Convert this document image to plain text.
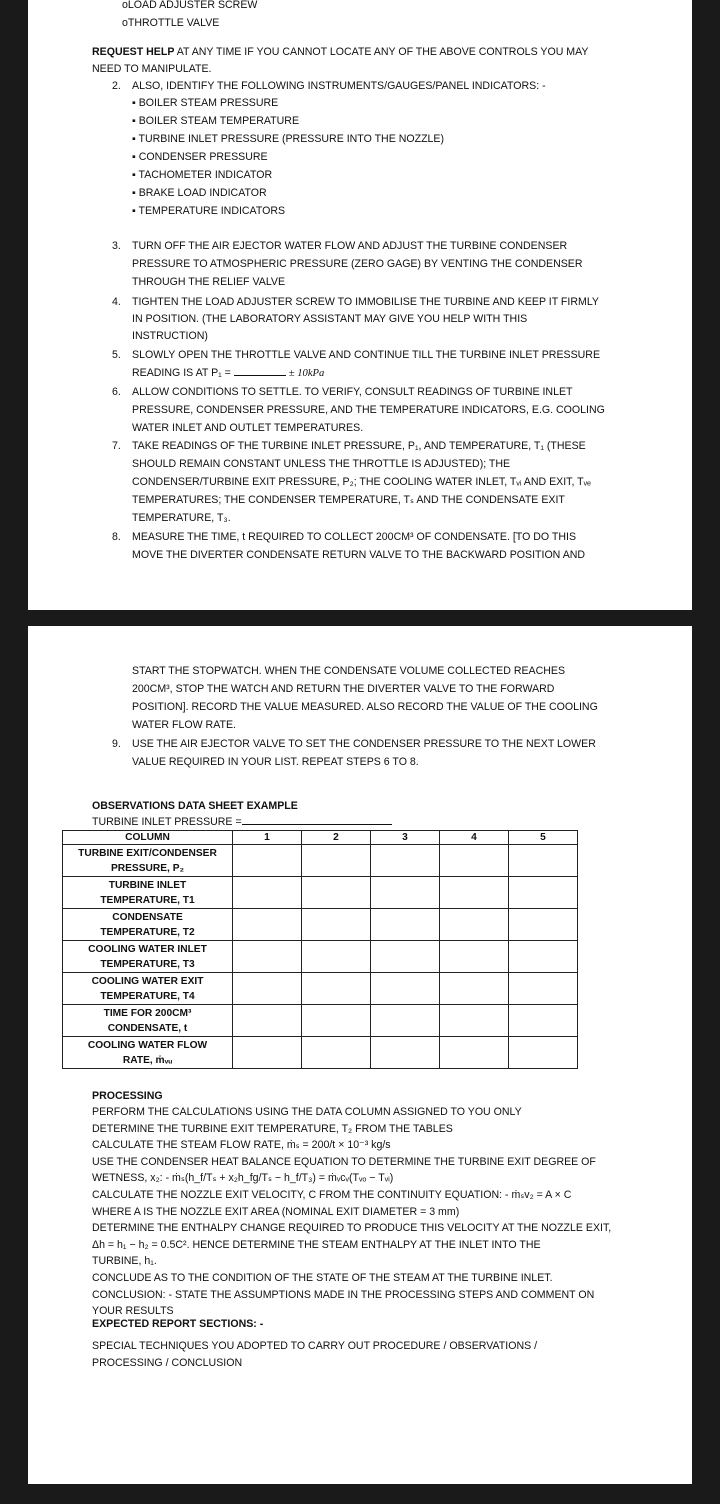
oLOAD ADJUSTER SCREW
oTHROTTLE VALVE
REQUEST HELP AT ANY TIME IF YOU CANNOT LOCATE ANY OF THE ABOVE CONTROLS YOU MAY
NEED TO MANIPULATE.
2. ALSO, IDENTIFY THE FOLLOWING INSTRUMENTS/GAUGES/PANEL INDICATORS: -
▪ BOILER STEAM PRESSURE
▪ BOILER STEAM TEMPERATURE
▪ TURBINE INLET PRESSURE (PRESSURE INTO THE NOZZLE)
▪ CONDENSER PRESSURE
▪ TACHOMETER INDICATOR
▪ BRAKE LOAD INDICATOR
▪ TEMPERATURE INDICATORS
3. TURN OFF THE AIR EJECTOR WATER FLOW AND ADJUST THE TURBINE CONDENSER
PRESSURE TO ATMOSPHERIC PRESSURE (ZERO GAGE) BY VENTING THE CONDENSER
THROUGH THE RELIEF VALVE
4. TIGHTEN THE LOAD ADJUSTER SCREW TO IMMOBILISE THE TURBINE AND KEEP IT FIRMLY
IN POSITION. (THE LABORATORY ASSISTANT MAY GIVE YOU HELP WITH THIS
INSTRUCTION)
5. SLOWLY OPEN THE THROTTLE VALVE AND CONTINUE TILL THE TURBINE INLET PRESSURE
READING IS AT P₁ =	± 10kPa
6. ALLOW CONDITIONS TO SETTLE. TO VERIFY, CONSULT READINGS OF TURBINE INLET
PRESSURE, CONDENSER PRESSURE, AND THE TEMPERATURE INDICATORS, E.G. COOLING
WATER INLET AND OUTLET TEMPERATURES.
7. TAKE READINGS OF THE TURBINE INLET PRESSURE, P₁, AND TEMPERATURE, T₁ (THESE
SHOULD REMAIN CONSTANT UNLESS THE THROTTLE IS ADJUSTED); THE
CONDENSER/TURBINE EXIT PRESSURE, P₂; THE COOLING WATER INLET, Tᵥᵢ AND EXIT, Tᵥₑ
TEMPERATURES; THE CONDENSER TEMPERATURE, Tₛ AND THE CONDENSATE EXIT
TEMPERATURE, T₃.
8. MEASURE THE TIME, t REQUIRED TO COLLECT 200CM³ OF CONDENSATE. [TO DO THIS
MOVE THE DIVERTER CONDENSATE RETURN VALVE TO THE BACKWARD POSITION AND
START THE STOPWATCH. WHEN THE CONDENSATE VOLUME COLLECTED REACHES
200CM³, STOP THE WATCH AND RETURN THE DIVERTER VALVE TO THE FORWARD
POSITION]. RECORD THE VALUE MEASURED. ALSO RECORD THE VALUE OF THE COOLING
WATER FLOW RATE.
9. USE THE AIR EJECTOR VALVE TO SET THE CONDENSER PRESSURE TO THE NEXT LOWER
VALUE REQUIRED IN YOUR LIST. REPEAT STEPS 6 TO 8.
OBSERVATIONS DATA SHEET EXAMPLE
TURBINE INLET PRESSURE =
COLUMN	1	2	3	4	5

TURBINE EXIT/CONDENSER
PRESSURE, P₂					

TURBINE INLET
TEMPERATURE, T1					

CONDENSATE
TEMPERATURE, T2					

COOLING WATER INLET
TEMPERATURE, T3					

COOLING WATER EXIT
TEMPERATURE, T4					

TIME FOR 200CM³
CONDENSATE, t					

COOLING WATER FLOW
RATE, ṁᵥᵤ					

PROCESSING
PERFORM THE CALCULATIONS USING THE DATA COLUMN ASSIGNED TO YOU ONLY
DETERMINE THE TURBINE EXIT TEMPERATURE, T₂ FROM THE TABLES
CALCULATE THE STEAM FLOW RATE, ṁₛ = 200/t × 10⁻³ kg/s
USE THE CONDENSER HEAT BALANCE EQUATION TO DETERMINE THE TURBINE EXIT DEGREE OF
WETNESS, x₂: - ṁₛ(h_f/Tₛ + x₂h_fg/Tₛ − h_f/T₃) = ṁᵥcᵥ(Tᵥₒ − Tᵥᵢ)
CALCULATE THE NOZZLE EXIT VELOCITY, C FROM THE CONTINUITY EQUATION: - ṁₛv₂ = A × C
WHERE A IS THE NOZZLE EXIT AREA (NOMINAL EXIT DIAMETER = 3 mm)
DETERMINE THE ENTHALPY CHANGE REQUIRED TO PRODUCE THIS VELOCITY AT THE NOZZLE EXIT,
Δh = h₁ − h₂ = 0.5C². HENCE DETERMINE THE STEAM ENTHALPY AT THE INLET INTO THE
TURBINE, h₁.
CONCLUDE AS TO THE CONDITION OF THE STATE OF THE STEAM AT THE TURBINE INLET.
CONCLUSION: - STATE THE ASSUMPTIONS MADE IN THE PROCESSING STEPS AND COMMENT ON
YOUR RESULTS
EXPECTED REPORT SECTIONS: -
SPECIAL TECHNIQUES YOU ADOPTED TO CARRY OUT PROCEDURE / OBSERVATIONS /
PROCESSING / CONCLUSION
